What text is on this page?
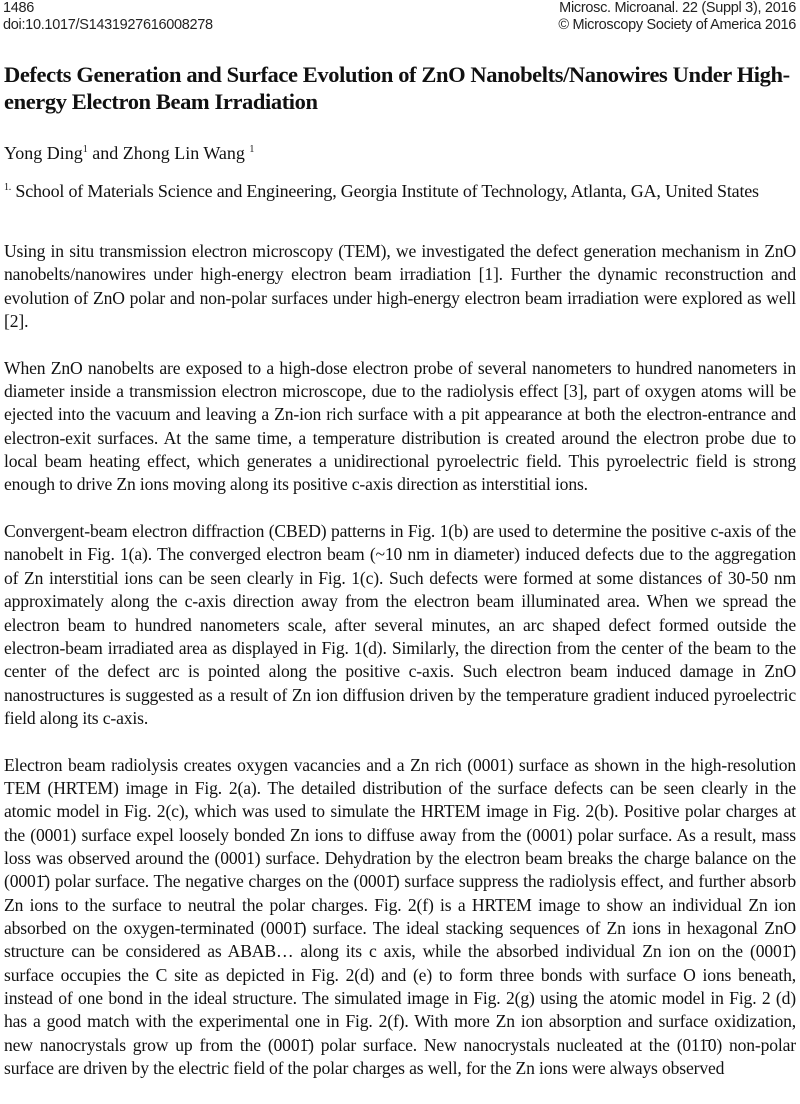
1486
doi:10.1017/S1431927616008278
Microsc. Microanal. 22 (Suppl 3), 2016
© Microscopy Society of America 2016
Defects Generation and Surface Evolution of ZnO Nanobelts/Nanowires Under High-energy Electron Beam Irradiation
Yong Ding$^1$ and Zhong Lin Wang $^1$
$^{1.}$ School of Materials Science and Engineering, Georgia Institute of Technology, Atlanta, GA, United States

Using in situ transmission electron microscopy (TEM), we investigated the defect generation mechanism in ZnO nanobelts/nanowires under high-energy electron beam irradiation [1]. Further the dynamic reconstruction and evolution of ZnO polar and non-polar surfaces under high-energy electron beam irradiation were explored as well [2].

When ZnO nanobelts are exposed to a high-dose electron probe of several nanometers to hundred nanometers in diameter inside a transmission electron microscope, due to the radiolysis effect [3], part of oxygen atoms will be ejected into the vacuum and leaving a Zn-ion rich surface with a pit appearance at both the electron-entrance and electron-exit surfaces. At the same time, a temperature distribution is created around the electron probe due to local beam heating effect, which generates a unidirectional pyroelectric field. This pyroelectric field is strong enough to drive Zn ions moving along its positive c-axis direction as interstitial ions.

Convergent-beam electron diffraction (CBED) patterns in Fig. 1(b) are used to determine the positive c-axis of the nanobelt in Fig. 1(a). The converged electron beam (~10 nm in diameter) induced defects due to the aggregation of Zn interstitial ions can be seen clearly in Fig. 1(c). Such defects were formed at some distances of 30-50 nm approximately along the c-axis direction away from the electron beam illuminated area. When we spread the electron beam to hundred nanometers scale, after several minutes, an arc shaped defect formed outside the electron-beam irradiated area as displayed in Fig. 1(d). Similarly, the direction from the center of the beam to the center of the defect arc is pointed along the positive c-axis. Such electron beam induced damage in ZnO nanostructures is suggested as a result of Zn ion diffusion driven by the temperature gradient induced pyroelectric field along its c-axis.

Electron beam radiolysis creates oxygen vacancies and a Zn rich (0001) surface as shown in the high-resolution TEM (HRTEM) image in Fig. 2(a). The detailed distribution of the surface defects can be seen clearly in the atomic model in Fig. 2(c), which was used to simulate the HRTEM image in Fig. 2(b). Positive polar charges at the (0001) surface expel loosely bonded Zn ions to diffuse away from the (0001) polar surface. As a result, mass loss was observed around the (0001) surface. Dehydration by the electron beam breaks the charge balance on the (0001̄) polar surface. The negative charges on the (0001̄) surface suppress the radiolysis effect, and further absorb Zn ions to the surface to neutral the polar charges. Fig. 2(f) is a HRTEM image to show an individual Zn ion absorbed on the oxygen-terminated (0001̄) surface. The ideal stacking sequences of Zn ions in hexagonal ZnO structure can be considered as ABAB… along its c axis, while the absorbed individual Zn ion on the (0001̄) surface occupies the C site as depicted in Fig. 2(d) and (e) to form three bonds with surface O ions beneath, instead of one bond in the ideal structure. The simulated image in Fig. 2(g) using the atomic model in Fig. 2 (d) has a good match with the experimental one in Fig. 2(f). With more Zn ion absorption and surface oxidization, new nanocrystals grow up from the (0001̄) polar surface. New nanocrystals nucleated at the (011̄0) non-polar surface are driven by the electric field of the polar charges as well, for the Zn ions were always observed
